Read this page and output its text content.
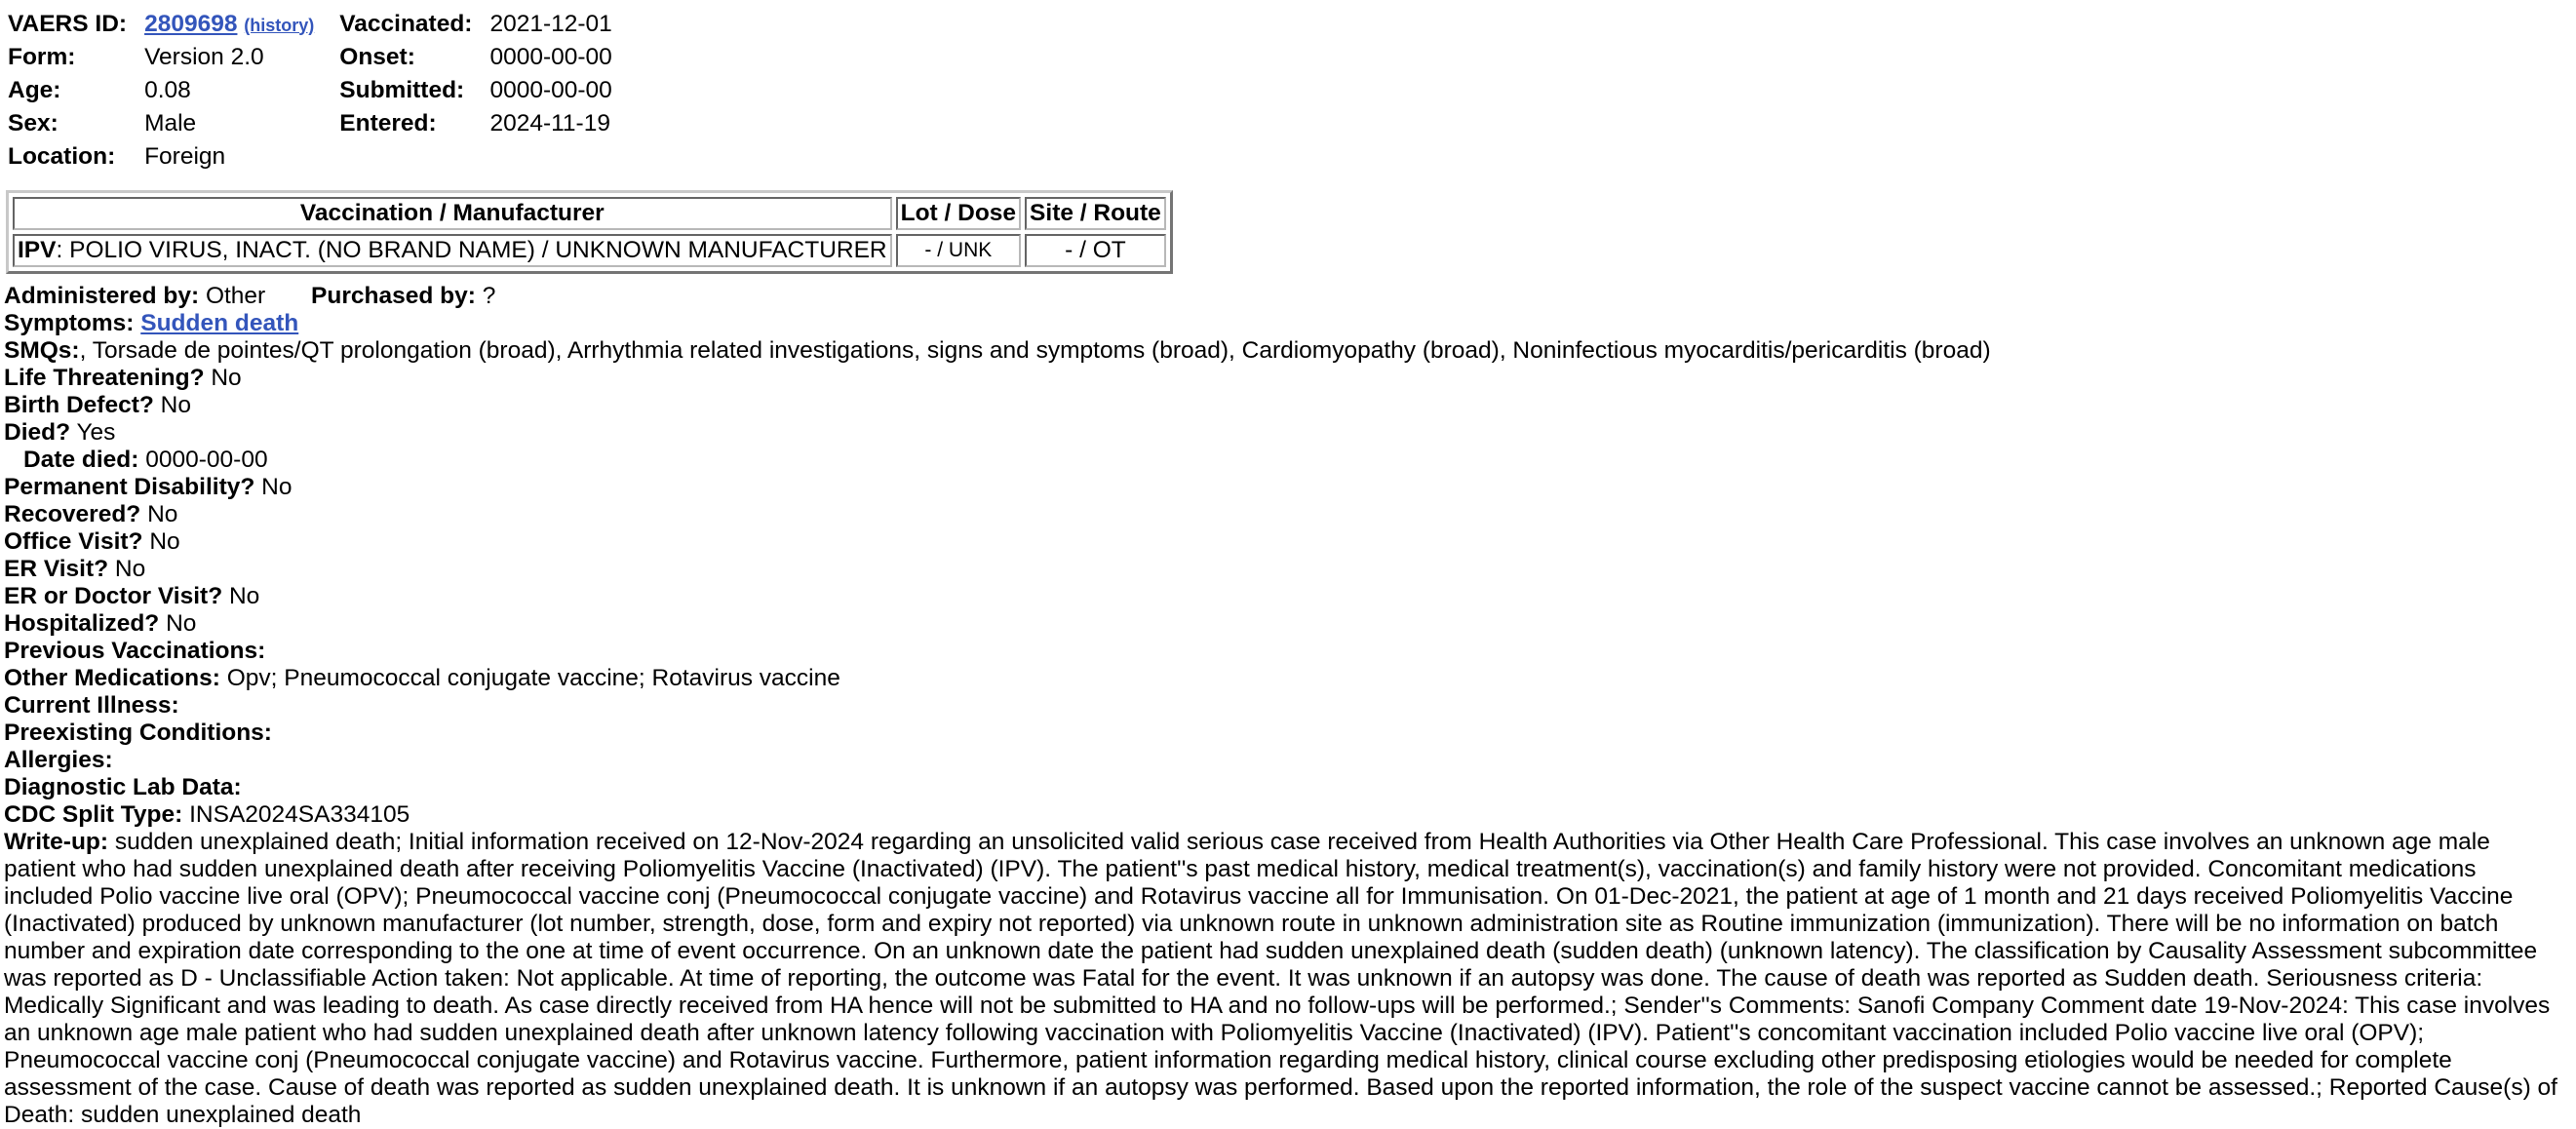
VAERS ID:	2809698 (history)		Vaccinated:	2021-12-01
Form:	Version 2.0		Onset:	0000-00-00
Age:	0.08		Submitted:	0000-00-00
Sex:	Male		Entered:	2024-11-19
Location:	Foreign			
Vaccination / Manufacturer	Lot / Dose	Site / Route
IPV: POLIO VIRUS, INACT. (NO BRAND NAME) / UNKNOWN MANUFACTURER	- / UNK	- / OT
Administered by: Other Purchased by: ?
Symptoms: Sudden death
SMQs:, Torsade de pointes/QT prolongation (broad), Arrhythmia related investigations, signs and symptoms (broad), Cardiomyopathy (broad), Noninfectious myocarditis/pericarditis (broad)
Life Threatening? No
Birth Defect? No
Died? Yes
Date died: 0000-00-00
Permanent Disability? No
Recovered? No
Office Visit? No
ER Visit? No
ER or Doctor Visit? No
Hospitalized? No
Previous Vaccinations:
Other Medications: Opv; Pneumococcal conjugate vaccine; Rotavirus vaccine
Current Illness:
Preexisting Conditions:
Allergies:
Diagnostic Lab Data:
CDC Split Type: INSA2024SA334105
Write-up: sudden unexplained death; Initial information received on 12-Nov-2024 regarding an unsolicited valid serious case received from Health Authorities via Other Health Care Professional. This case involves an unknown age male patient who had sudden unexplained death after receiving Poliomyelitis Vaccine (Inactivated) (IPV). The patient''s past medical history, medical treatment(s), vaccination(s) and family history were not provided. Concomitant medications included Polio vaccine live oral (OPV); Pneumococcal vaccine conj (Pneumococcal conjugate vaccine) and Rotavirus vaccine all for Immunisation. On 01-Dec-2021, the patient at age of 1 month and 21 days received Poliomyelitis Vaccine (Inactivated) produced by unknown manufacturer (lot number, strength, dose, form and expiry not reported) via unknown route in unknown administration site as Routine immunization (immunization). There will be no information on batch number and expiration date corresponding to the one at time of event occurrence. On an unknown date the patient had sudden unexplained death (sudden death) (unknown latency). The classification by Causality Assessment subcommittee was reported as D - Unclassifiable Action taken: Not applicable. At time of reporting, the outcome was Fatal for the event. It was unknown if an autopsy was done. The cause of death was reported as Sudden death. Seriousness criteria: Medically Significant and was leading to death. As case directly received from HA hence will not be submitted to HA and no follow-ups will be performed.; Sender''s Comments: Sanofi Company Comment date 19-Nov-2024: This case involves an unknown age male patient who had sudden unexplained death after unknown latency following vaccination with Poliomyelitis Vaccine (Inactivated) (IPV). Patient''s concomitant vaccination included Polio vaccine live oral (OPV); Pneumococcal vaccine conj (Pneumococcal conjugate vaccine) and Rotavirus vaccine. Furthermore, patient information regarding medical history, clinical course excluding other predisposing etiologies would be needed for complete assessment of the case. Cause of death was reported as sudden unexplained death. It is unknown if an autopsy was performed. Based upon the reported information, the role of the suspect vaccine cannot be assessed.; Reported Cause(s) of Death: sudden unexplained death
